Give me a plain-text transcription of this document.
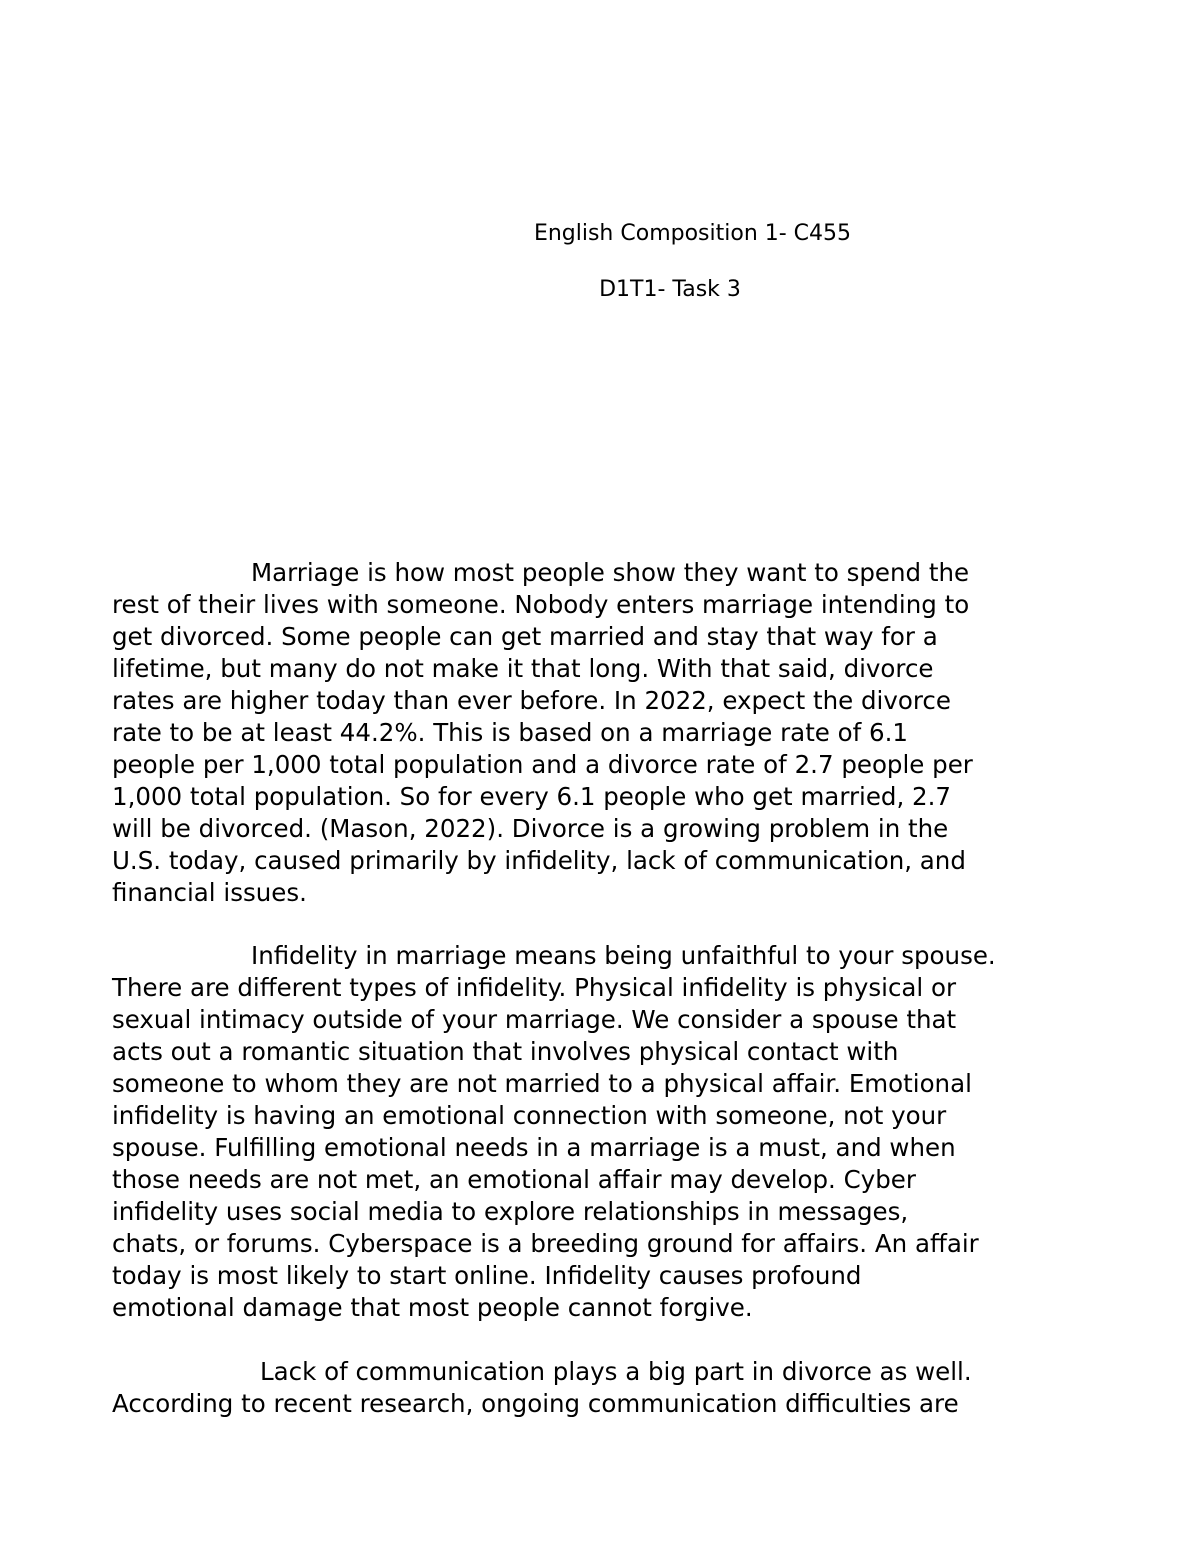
English Composition 1- C455
D1T1- Task 3
Marriage is how most people show they want to spend the
rest of their lives with someone. Nobody enters marriage intending to
get divorced. Some people can get married and stay that way for a
lifetime, but many do not make it that long. With that said, divorce
rates are higher today than ever before. In 2022, expect the divorce
rate to be at least 44.2%. This is based on a marriage rate of 6.1
people per 1,000 total population and a divorce rate of 2.7 people per
1,000 total population. So for every 6.1 people who get married, 2.7
will be divorced. (Mason, 2022). Divorce is a growing problem in the
U.S. today, caused primarily by infidelity, lack of communication, and
financial issues.
Infidelity in marriage means being unfaithful to your spouse.
There are different types of infidelity. Physical infidelity is physical or
sexual intimacy outside of your marriage. We consider a spouse that
acts out a romantic situation that involves physical contact with
someone to whom they are not married to a physical affair. Emotional
infidelity is having an emotional connection with someone, not your
spouse. Fulfilling emotional needs in a marriage is a must, and when
those needs are not met, an emotional affair may develop. Cyber
infidelity uses social media to explore relationships in messages,
chats, or forums. Cyberspace is a breeding ground for affairs. An affair
today is most likely to start online. Infidelity causes profound
emotional damage that most people cannot forgive.
Lack of communication plays a big part in divorce as well.
According to recent research, ongoing communication difficulties are
